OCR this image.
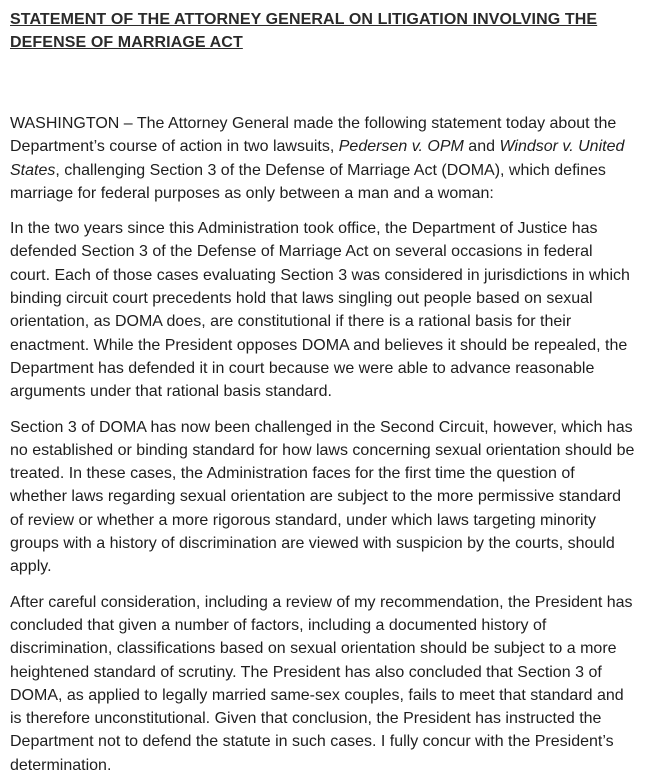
STATEMENT OF THE ATTORNEY GENERAL ON LITIGATION INVOLVING THE DEFENSE OF MARRIAGE ACT

WASHINGTON – The Attorney General made the following statement today about the Department’s course of action in two lawsuits, Pedersen v. OPM and Windsor v. United States, challenging Section 3 of the Defense of Marriage Act (DOMA), which defines marriage for federal purposes as only between a man and a woman:

In the two years since this Administration took office, the Department of Justice has defended Section 3 of the Defense of Marriage Act on several occasions in federal court. Each of those cases evaluating Section 3 was considered in jurisdictions in which binding circuit court precedents hold that laws singling out people based on sexual orientation, as DOMA does, are constitutional if there is a rational basis for their enactment. While the President opposes DOMA and believes it should be repealed, the Department has defended it in court because we were able to advance reasonable arguments under that rational basis standard.

Section 3 of DOMA has now been challenged in the Second Circuit, however, which has no established or binding standard for how laws concerning sexual orientation should be treated. In these cases, the Administration faces for the first time the question of whether laws regarding sexual orientation are subject to the more permissive standard of review or whether a more rigorous standard, under which laws targeting minority groups with a history of discrimination are viewed with suspicion by the courts, should apply.

After careful consideration, including a review of my recommendation, the President has concluded that given a number of factors, including a documented history of discrimination, classifications based on sexual orientation should be subject to a more heightened standard of scrutiny. The President has also concluded that Section 3 of DOMA, as applied to legally married same-sex couples, fails to meet that standard and is therefore unconstitutional. Given that conclusion, the President has instructed the Department not to defend the statute in such cases. I fully concur with the President’s determination.
